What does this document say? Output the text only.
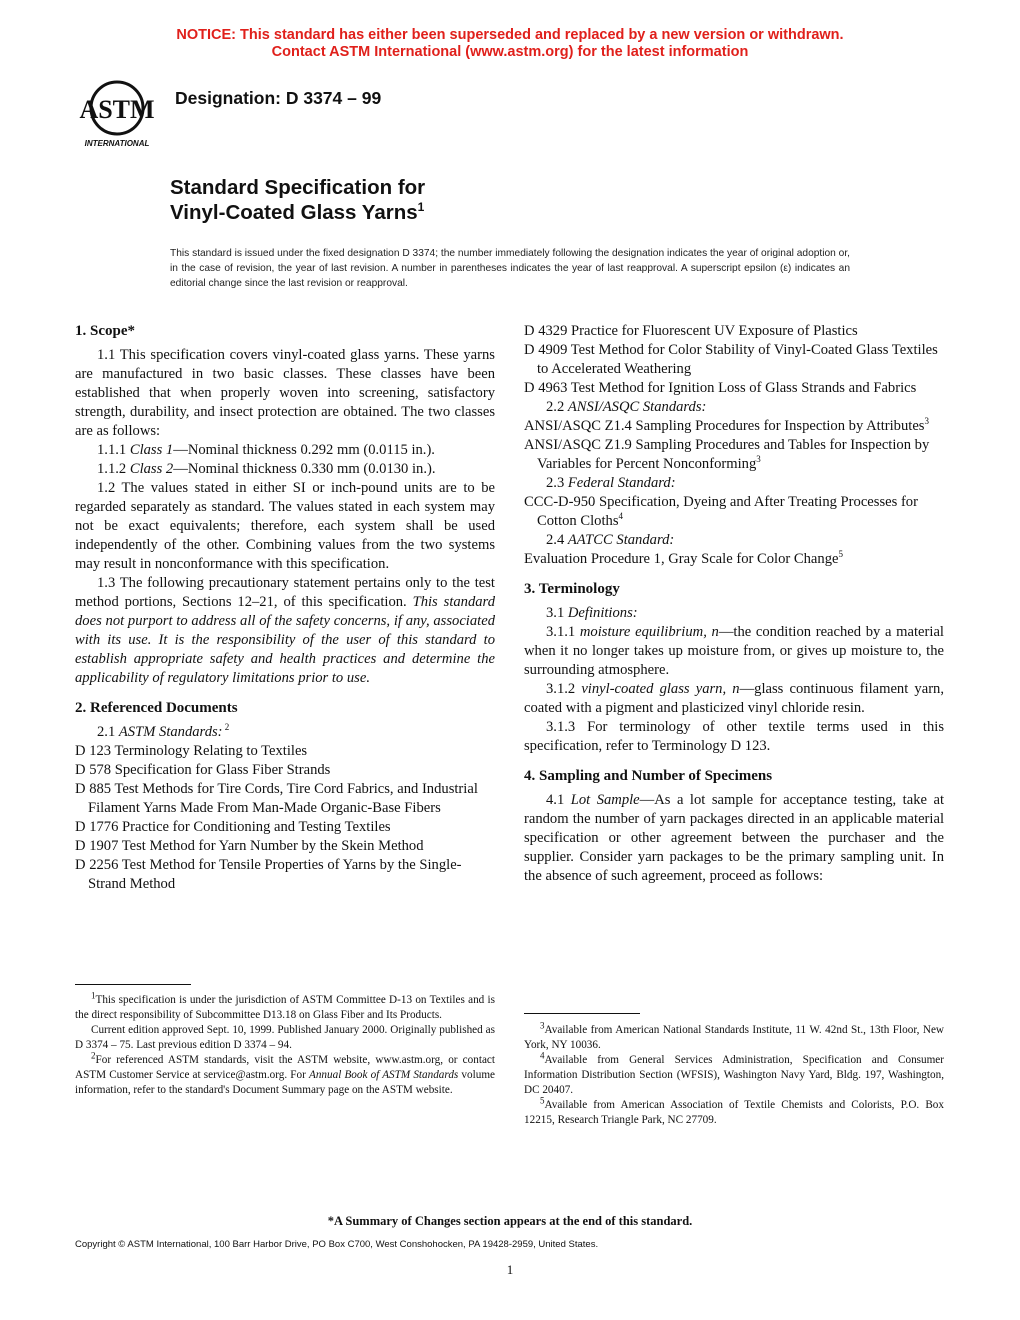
NOTICE: This standard has either been superseded and replaced by a new version or withdrawn.
Contact ASTM International (www.astm.org) for the latest information
ASTM
INTERNATIONAL
Designation: D 3374 – 99
Standard Specification for
Vinyl-Coated Glass Yarns$^1$
This standard is issued under the fixed designation D 3374; the number immediately following the designation indicates the year of original adoption or, in the case of revision, the year of last revision. A number in parentheses indicates the year of last reapproval. A superscript epsilon (ε) indicates an editorial change since the last revision or reapproval.
1. Scope*

1.1 This specification covers vinyl-coated glass yarns. These yarns are manufactured in two basic classes. These classes have been established that when properly woven into screening, satisfactory strength, durability, and insect protection are obtained. The two classes are as follows:

1.1.1 Class 1—Nominal thickness 0.292 mm (0.0115 in.).

1.1.2 Class 2—Nominal thickness 0.330 mm (0.0130 in.).

1.2 The values stated in either SI or inch-pound units are to be regarded separately as standard. The values stated in each system may not be exact equivalents; therefore, each system shall be used independently of the other. Combining values from the two systems may result in nonconformance with this specification.

1.3 The following precautionary statement pertains only to the test method portions, Sections 12–21, of this specification. This standard does not purport to address all of the safety concerns, if any, associated with its use. It is the responsibility of the user of this standard to establish appropriate safety and health practices and determine the applicability of regulatory limitations prior to use.

2. Referenced Documents

2.1 ASTM Standards: $^2$

D 123 Terminology Relating to Textiles
D 578 Specification for Glass Fiber Strands
D 885 Test Methods for Tire Cords, Tire Cord Fabrics, and Industrial Filament Yarns Made From Man-Made Organic-Base Fibers
D 1776 Practice for Conditioning and Testing Textiles
D 1907 Test Method for Yarn Number by the Skein Method
D 2256 Test Method for Tensile Properties of Yarns by the Single-Strand Method
D 4329 Practice for Fluorescent UV Exposure of Plastics
D 4909 Test Method for Color Stability of Vinyl-Coated Glass Textiles to Accelerated Weathering
D 4963 Test Method for Ignition Loss of Glass Strands and Fabrics

2.2 ANSI/ASQC Standards:

ANSI/ASQC Z1.4 Sampling Procedures for Inspection by Attributes$^3$
ANSI/ASQC Z1.9 Sampling Procedures and Tables for Inspection by Variables for Percent Nonconforming$^3$

2.3 Federal Standard:

CCC-D-950 Specification, Dyeing and After Treating Processes for Cotton Cloths$^4$

2.4 AATCC Standard:

Evaluation Procedure 1, Gray Scale for Color Change$^5$
3. Terminology

3.1 Definitions:

3.1.1 moisture equilibrium, n—the condition reached by a material when it no longer takes up moisture from, or gives up moisture to, the surrounding atmosphere.

3.1.2 vinyl-coated glass yarn, n—glass continuous filament yarn, coated with a pigment and plasticized vinyl chloride resin.

3.1.3 For terminology of other textile terms used in this specification, refer to Terminology D 123.

4. Sampling and Number of Specimens

4.1 Lot Sample—As a lot sample for acceptance testing, take at random the number of yarn packages directed in an applicable material specification or other agreement between the purchaser and the supplier. Consider yarn packages to be the primary sampling unit. In the absence of such agreement, proceed as follows:

$^1$This specification is under the jurisdiction of ASTM Committee D-13 on Textiles and is the direct responsibility of Subcommittee D13.18 on Glass Fiber and Its Products.

Current edition approved Sept. 10, 1999. Published January 2000. Originally published as D 3374 – 75. Last previous edition D 3374 – 94.

$^2$For referenced ASTM standards, visit the ASTM website, www.astm.org, or contact ASTM Customer Service at service@astm.org. For Annual Book of ASTM Standards volume information, refer to the standard's Document Summary page on the ASTM website.

$^3$Available from American National Standards Institute, 11 W. 42nd St., 13th Floor, New York, NY 10036.

$^4$Available from General Services Administration, Specification and Consumer Information Distribution Section (WFSIS), Washington Navy Yard, Bldg. 197, Washington, DC 20407.

$^5$Available from American Association of Textile Chemists and Colorists, P.O. Box 12215, Research Triangle Park, NC 27709.

*A Summary of Changes section appears at the end of this standard.
Copyright © ASTM International, 100 Barr Harbor Drive, PO Box C700, West Conshohocken, PA 19428-2959, United States.
1
